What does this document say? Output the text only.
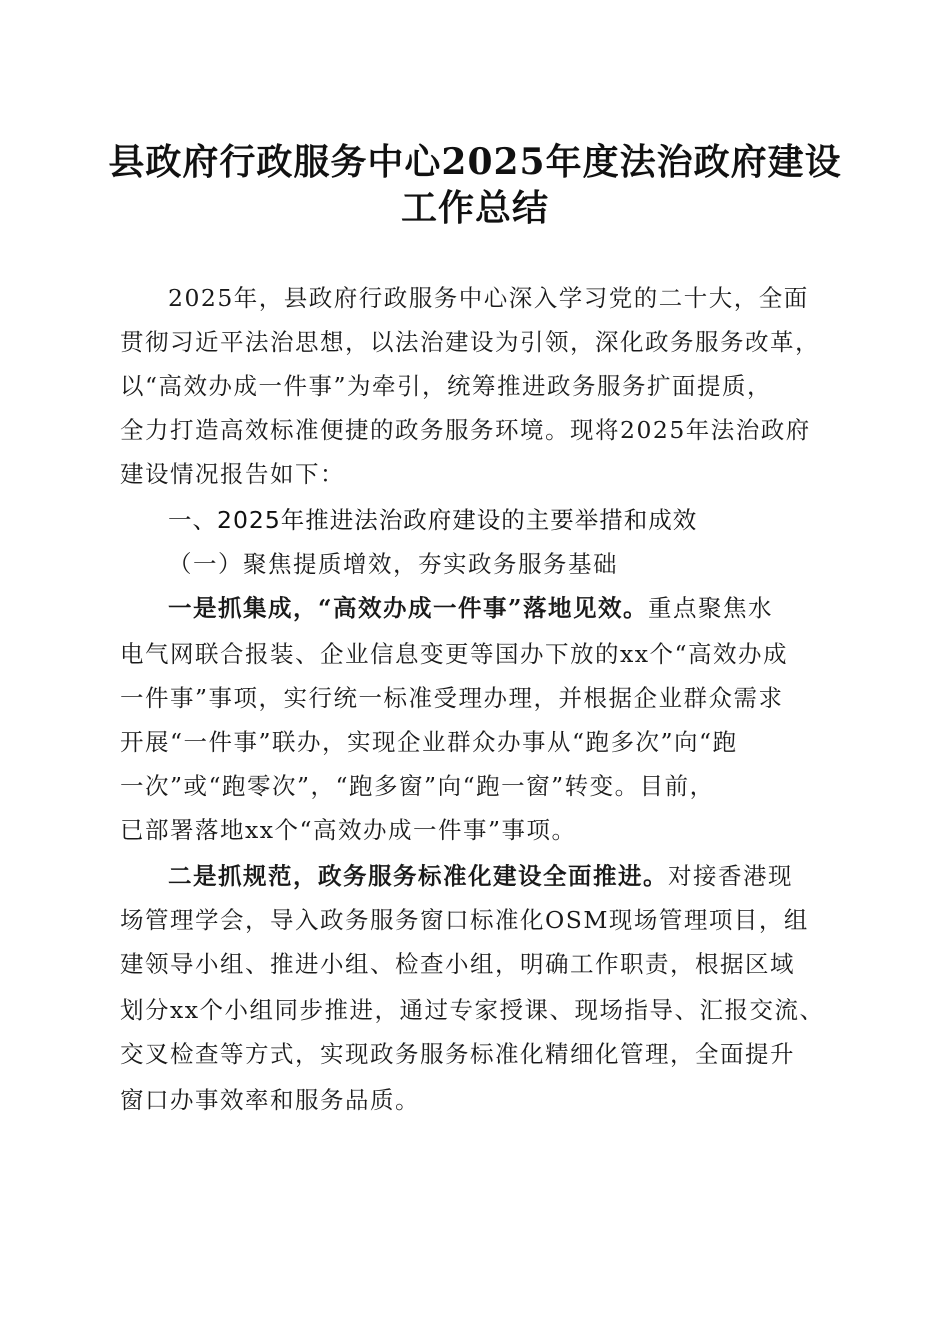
县政府行政服务中心2025年度法治政府建设
工作总结
2025年，县政府行政服务中心深入学习党的二十大，全面
贯彻习近平法治思想，以法治建设为引领，深化政务服务改革，
以“高效办成一件事”为牵引，统筹推进政务服务扩面提质，
全力打造高效标准便捷的政务服务环境。现将2025年法治政府
建设情况报告如下：
一、2025年推进法治政府建设的主要举措和成效
（一）聚焦提质增效，夯实政务服务基础
一是抓集成，“高效办成一件事”落地见效。重点聚焦水
电气网联合报装、企业信息变更等国办下放的xx个“高效办成
一件事”事项，实行统一标准受理办理，并根据企业群众需求
开展“一件事”联办，实现企业群众办事从“跑多次”向“跑
一次”或“跑零次”，“跑多窗”向“跑一窗”转变。目前，
已部署落地xx个“高效办成一件事”事项。
二是抓规范，政务服务标准化建设全面推进。对接香港现
场管理学会，导入政务服务窗口标准化OSM现场管理项目，组
建领导小组、推进小组、检查小组，明确工作职责，根据区域
划分xx个小组同步推进，通过专家授课、现场指导、汇报交流、
交叉检查等方式，实现政务服务标准化精细化管理，全面提升
窗口办事效率和服务品质。
